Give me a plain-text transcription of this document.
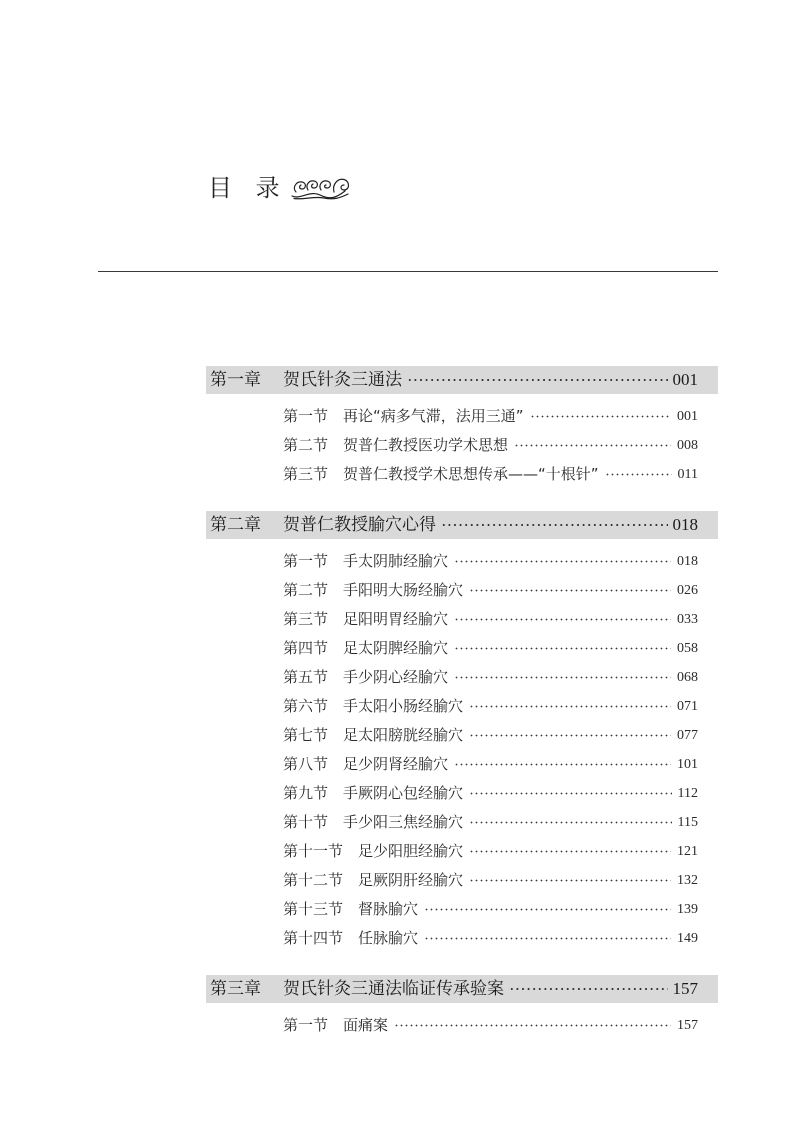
目 录
第一章	贺氏针灸三通法	001
第一节 再论“病多气滞，法用三通”	001
第二节 贺普仁教授医功学术思想	008
第三节 贺普仁教授学术思想传承——“十根针”	011
第二章	贺普仁教授腧穴心得	018
第一节 手太阴肺经腧穴	018
第二节 手阳明大肠经腧穴	026
第三节 足阳明胃经腧穴	033
第四节 足太阴脾经腧穴	058
第五节 手少阴心经腧穴	068
第六节 手太阳小肠经腧穴	071
第七节 足太阳膀胱经腧穴	077
第八节 足少阴肾经腧穴	101
第九节 手厥阴心包经腧穴	112
第十节 手少阳三焦经腧穴	115
第十一节 足少阳胆经腧穴	121
第十二节 足厥阴肝经腧穴	132
第十三节 督脉腧穴	139
第十四节 任脉腧穴	149
第三章	贺氏针灸三通法临证传承验案	157
第一节 面痛案	157
